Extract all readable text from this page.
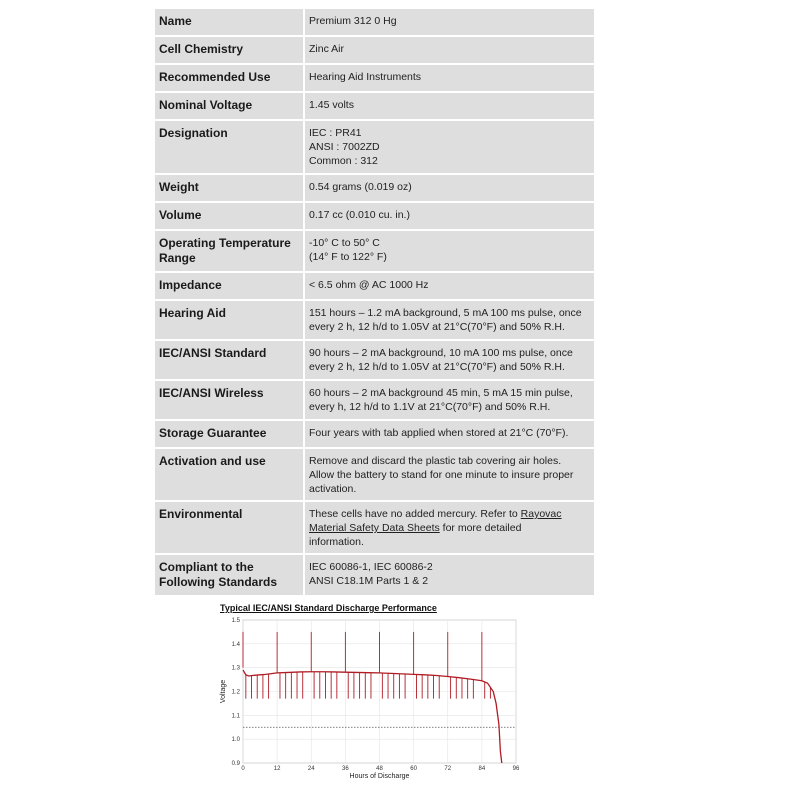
Name	Premium 312 0 Hg

Cell Chemistry	Zinc Air

Recommended Use	Hearing Aid Instruments

Nominal Voltage	1.45 volts

Designation	IEC : PR41
ANSI : 7002ZD
Common : 312

Weight	0.54 grams (0.019 oz)

Volume	0.17 cc (0.010 cu. in.)

Operating Temperature
Range	-10° C to 50° C
(14° F to 122° F)

Impedance	< 6.5 ohm @ AC 1000 Hz

Hearing Aid	151 hours – 1.2 mA background, 5 mA 100 ms pulse, once
every 2 h, 12 h/d to 1.05V at 21°C(70°F) and 50% R.H.

IEC/ANSI Standard	90 hours – 2 mA background, 10 mA 100 ms pulse, once
every 2 h, 12 h/d to 1.05V at 21°C(70°F) and 50% R.H.

IEC/ANSI Wireless	60 hours – 2 mA background 45 min, 5 mA 15 min pulse,
every h, 12 h/d to 1.1V at 21°C(70°F) and 50% R.H.

Storage Guarantee	Four years with tab applied when stored at 21°C (70°F).

Activation and use	Remove and discard the plastic tab covering air holes.
Allow the battery to stand for one minute to insure proper
activation.

Environmental	These cells have no added mercury. Refer to Rayovac
Material Safety Data Sheets for more detailed
information.

Compliant to the
Following Standards	IEC 60086-1, IEC 60086-2
ANSI C18.1M Parts 1 & 2
Typical IEC/ANSI Standard Discharge Performance
0.9
1.0
1.1
1.2
1.3
1.4
1.5
0	12	24	36	48	60	72	84	96
Hours of Discharge
Voltage
